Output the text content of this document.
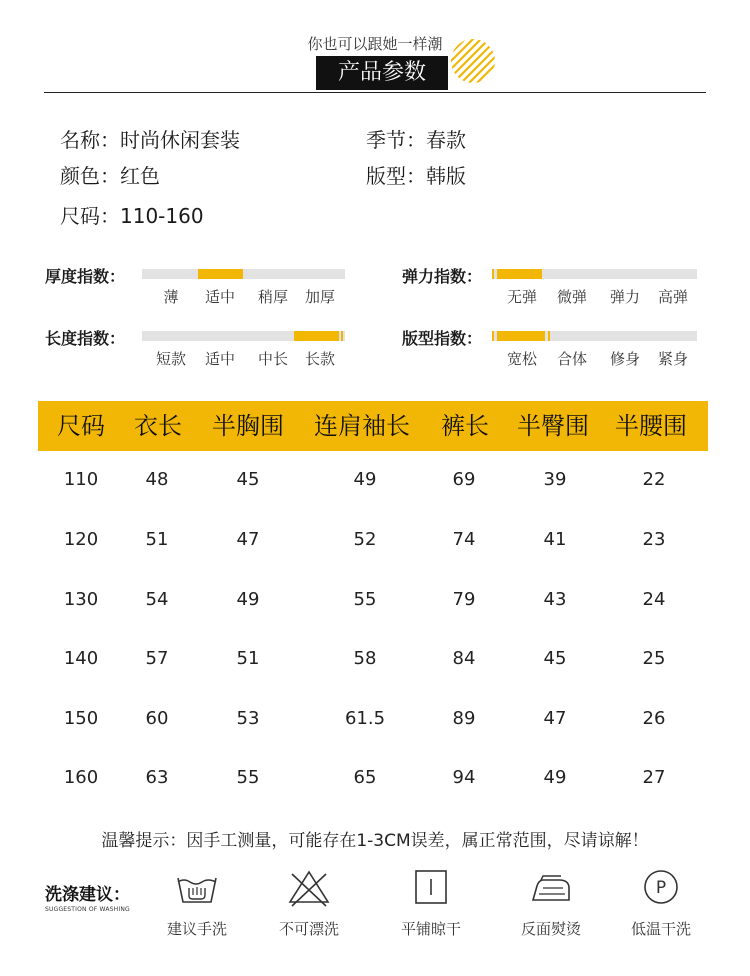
你也可以跟她一样潮
产品参数
名称：时尚休闲套装	季节：春款
颜色：红色	版型：韩版
尺码：110-160
厚度指数：
薄	适中	稍厚	加厚
弹力指数：
无弹	微弹	弹力	高弹
长度指数：
短款	适中	中长	长款
版型指数：
宽松	合体	修身	紧身
尺码	衣长	半胸围	连肩袖长	裤长	半臀围	半腰围
110	48	45	49	69	39	22
120	51	47	52	74	41	23
130	54	49	55	79	43	24
140	57	51	58	84	45	25
150	60	53	61.5	89	47	26
160	63	55	65	94	49	27
温馨提示：因手工测量，可能存在1-3CM误差，属正常范围，尽请谅解！
洗涤建议：
SUGGESTION OF WASHING
P
建议手洗	不可漂洗	平铺晾干	反面熨烫	低温干洗
